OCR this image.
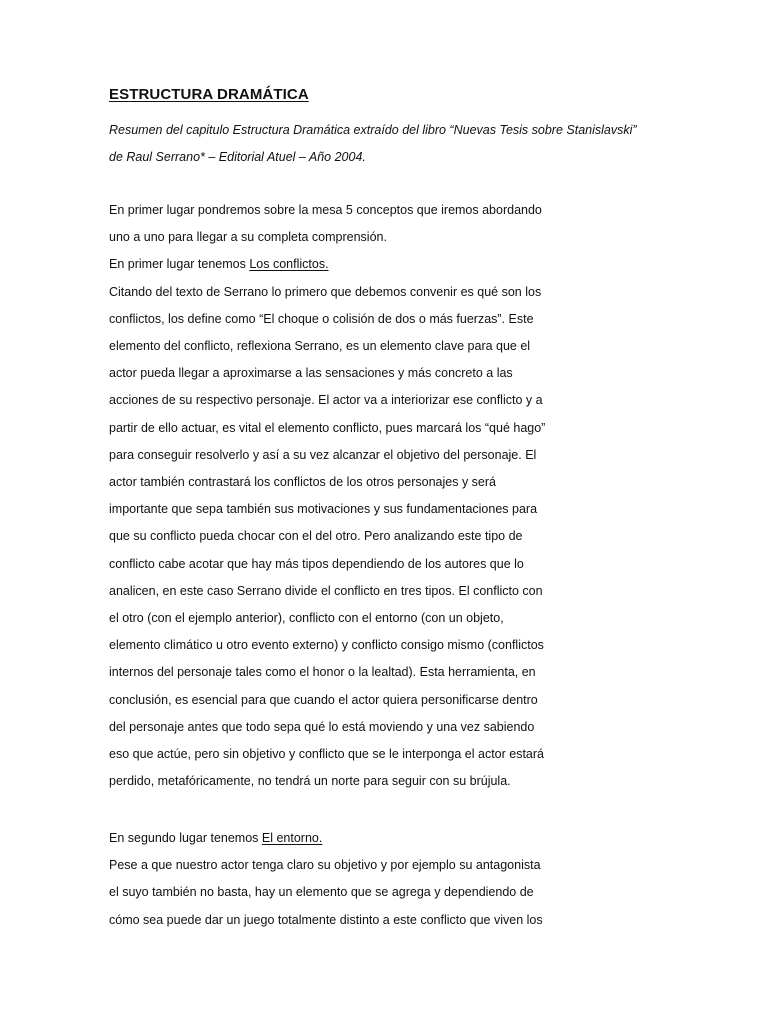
ESTRUCTURA DRAMÁTICA

Resumen del capitulo Estructura Dramática extraído del libro “Nuevas Tesis sobre Stanislavski”
de Raul Serrano* – Editorial Atuel – Año 2004.

En primer lugar pondremos sobre la mesa 5 conceptos que iremos abordando
uno a uno para llegar a su completa comprensión.
En primer lugar tenemos Los conflictos.
Citando del texto de Serrano lo primero que debemos convenir es qué son los
conflictos, los define como “El choque o colisión de dos o más fuerzas”. Este
elemento del conflicto, reflexiona Serrano, es un elemento clave para que el
actor pueda llegar a aproximarse a las sensaciones y más concreto a las
acciones de su respectivo personaje. El actor va a interiorizar ese conflicto y a
partir de ello actuar, es vital el elemento conflicto, pues marcará los “qué hago”
para conseguir resolverlo y así a su vez alcanzar el objetivo del personaje. El
actor también contrastará los conflictos de los otros personajes y será
importante que sepa también sus motivaciones y sus fundamentaciones para
que su conflicto pueda chocar con el del otro. Pero analizando este tipo de
conflicto cabe acotar que hay más tipos dependiendo de los autores que lo
analicen, en este caso Serrano divide el conflicto en tres tipos. El conflicto con
el otro (con el ejemplo anterior), conflicto con el entorno (con un objeto,
elemento climático u otro evento externo) y conflicto consigo mismo (conflictos
internos del personaje tales como el honor o la lealtad). Esta herramienta, en
conclusión, es esencial para que cuando el actor quiera personificarse dentro
del personaje antes que todo sepa qué lo está moviendo y una vez sabiendo
eso que actúe, pero sin objetivo y conflicto que se le interponga el actor estará
perdido, metafóricamente, no tendrá un norte para seguir con su brújula.

En segundo lugar tenemos El entorno.
Pese a que nuestro actor tenga claro su objetivo y por ejemplo su antagonista
el suyo también no basta, hay un elemento que se agrega y dependiendo de
cómo sea puede dar un juego totalmente distinto a este conflicto que viven los
